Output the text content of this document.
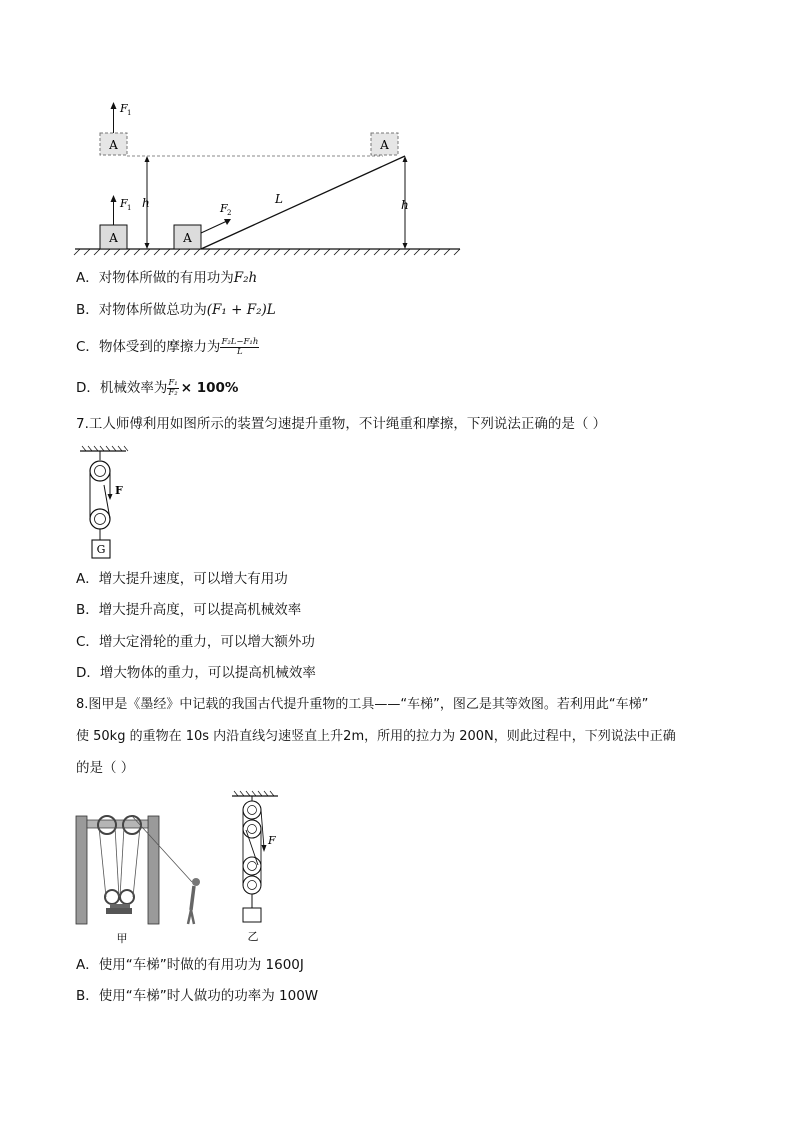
A
F 1
A
A
F 1 h
A
F 2
L	h
A．对物体所做的有用功为F₂h
B．对物体所做总功为(F₁ + F₂)L
C．物体受到的摩擦力为 $\frac{\text{F₂L−F₁h}}{L}$
D．机械效率为 $\frac{\text{F₁}}{\text{F₂}} \times 100\%$
7.工人师傅利用如图所示的装置匀速提升重物，不计绳重和摩擦，下列说法正确的是（ ）
F
G
A．增大提升速度，可以增大有用功
B．增大提升高度，可以提高机械效率
C．增大定滑轮的重力，可以增大额外功
D．增大物体的重力，可以提高机械效率
8.图甲是《墨经》中记载的我国古代提升重物的工具——“车梯”，图乙是其等效图。若利用此“车梯”
使 50kg 的重物在 10s 内沿直线匀速竖直上升2m，所用的拉力为 200N，则此过程中，下列说法中正确
的是（ ）
甲
F
乙
A．使用“车梯”时做的有用功为 1600J
B．使用“车梯”时人做功的功率为 100W
